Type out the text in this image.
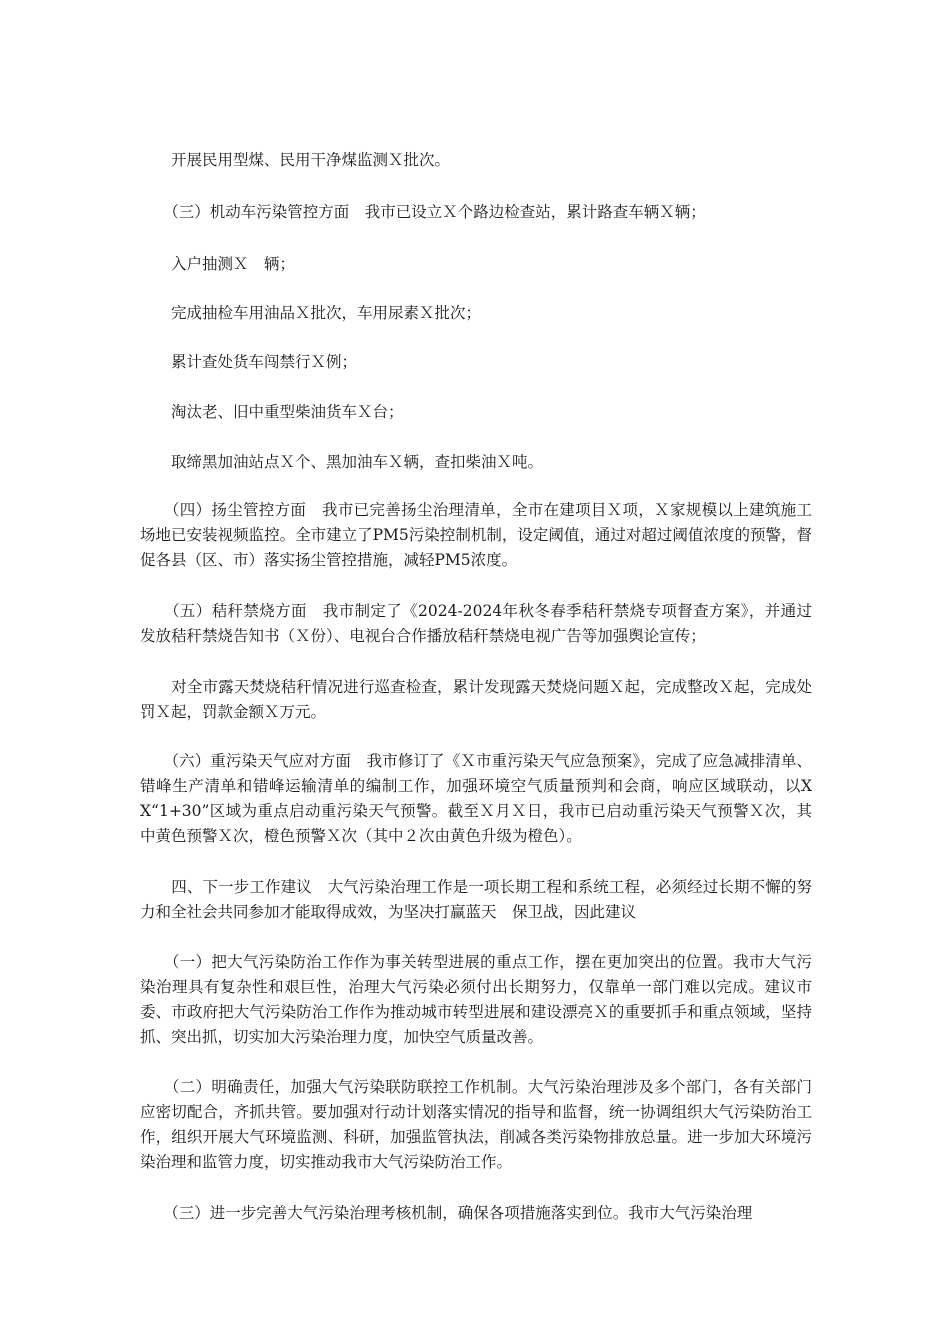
　　开展民用型煤、民用干净煤监测Ｘ批次。

　　（三）机动车污染管控方面　我市已设立Ｘ个路边检查站，累计路查车辆Ｘ辆；

　　入户抽测Ｘ　辆；

　　完成抽检车用油品Ｘ批次，车用尿素Ｘ批次；

　　累计查处货车闯禁行Ｘ例；

　　淘汰老、旧中重型柴油货车Ｘ台；

　　取缔黑加油站点Ｘ个、黑加油车Ｘ辆，查扣柴油Ｘ吨。

　　（四）扬尘管控方面　我市已完善扬尘治理清单，全市在建项目Ｘ项，Ｘ家规模以上建筑施工场地已安装视频监控。全市建立了PM5污染控制机制，设定阈值，通过对超过阈值浓度的预警，督促各县（区、市）落实扬尘管控措施，减轻PM5浓度。

　　（五）秸秆禁烧方面　我市制定了《2024-2024年秋冬春季秸秆禁烧专项督查方案》，并通过发放秸秆禁烧告知书（Ｘ份）、电视台合作播放秸秆禁烧电视广告等加强舆论宣传；

　　对全市露天焚烧秸秆情况进行巡查检查，累计发现露天焚烧问题Ｘ起，完成整改Ｘ起，完成处罚Ｘ起，罚款金额Ｘ万元。

　　（六）重污染天气应对方面　我市修订了《Ｘ市重污染天气应急预案》，完成了应急减排清单、错峰生产清单和错峰运输清单的编制工作，加强环境空气质量预判和会商，响应区域联动，以XX“1+30”区域为重点启动重污染天气预警。截至Ｘ月Ｘ日，我市已启动重污染天气预警Ｘ次，其中黄色预警Ｘ次，橙色预警Ｘ次（其中２次由黄色升级为橙色）。

　　四、下一步工作建议　大气污染治理工作是一项长期工程和系统工程，必须经过长期不懈的努力和全社会共同参加才能取得成效，为坚决打赢蓝天　保卫战，因此建议

　　（一）把大气污染防治工作作为事关转型进展的重点工作，摆在更加突出的位置。我市大气污染治理具有复杂性和艰巨性，治理大气污染必须付出长期努力，仅靠单一部门难以完成。建议市委、市政府把大气污染防治工作作为推动城市转型进展和建设漂亮Ｘ的重要抓手和重点领域，坚持抓、突出抓，切实加大污染治理力度，加快空气质量改善。

　　（二）明确责任，加强大气污染联防联控工作机制。大气污染治理涉及多个部门，各有关部门应密切配合，齐抓共管。要加强对行动计划落实情况的指导和监督，统一协调组织大气污染防治工作，组织开展大气环境监测、科研，加强监管执法，削减各类污染物排放总量。进一步加大环境污染治理和监管力度，切实推动我市大气污染防治工作。

　　（三）进一步完善大气污染治理考核机制，确保各项措施落实到位。我市大气污染治理
